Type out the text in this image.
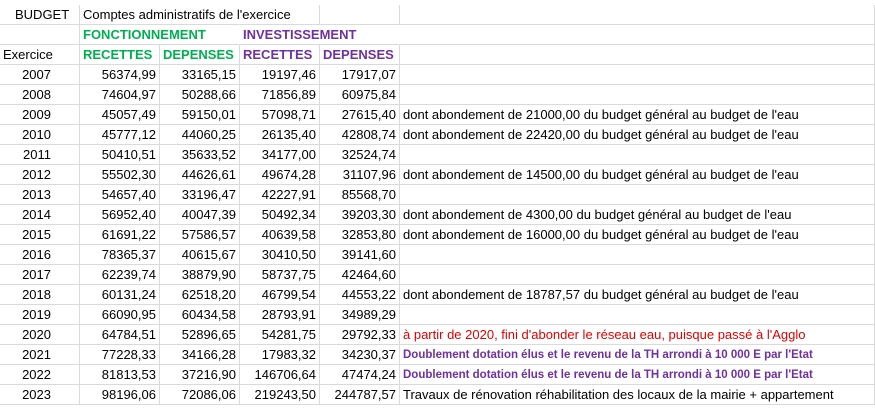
BUDGET	Comptes administratifs de l'exercice
FONCTIONNEMENT	INVESTISSEMENT
Exercice	RECETTES DEPENSES RECETTES DEPENSES
2007	56374,99	33165,15	19197,46	17917,07
2008	74604,97	50288,66	71856,89	60975,84
2009	45057,49	59150,01	57098,71	27615,40 dont abondement de 21000,00 du budget général au budget de l'eau
2010	45777,12	44060,25	26135,40	42808,74 dont abondement de 22420,00 du budget général au budget de l'eau
2011	50410,51	35633,52	34177,00	32524,74
2012	55502,30	44626,61	49674,28	31107,96 dont abondement de 14500,00 du budget général au budget de l'eau
2013	54657,40	33196,47	42227,91	85568,70
2014	56952,40	40047,39	50492,34	39203,30 dont abondement de 4300,00 du budget général au budget de l'eau
2015	61691,22	57586,57	40639,58	32853,80 dont abondement de 16000,00 du budget général au budget de l'eau
2016	78365,37	40615,67	30410,50	39141,60
2017	62239,74	38879,90	58737,75	42464,60
2018	60131,24	62518,20	46799,54	44553,22 dont abondement de 18787,57 du budget général au budget de l'eau
2019	66090,95	60434,58	28793,91	34989,29
2020	64784,51	52896,65	54281,75	29792,33 à partir de 2020, fini d'abonder le réseau eau, puisque passé à l'Agglo
2021	77228,33	34166,28	17983,32	34230,37 Doublement dotation élus et le revenu de la TH arrondi à 10 000 E par l'Etat
2022	81813,53	37216,90	146706,64	47474,24 Doublement dotation élus et le revenu de la TH arrondi à 10 000 E par l'Etat
2023	98196,06	72086,06	219243,50	244787,57 Travaux de rénovation réhabilitation des locaux de la mairie + appartement
